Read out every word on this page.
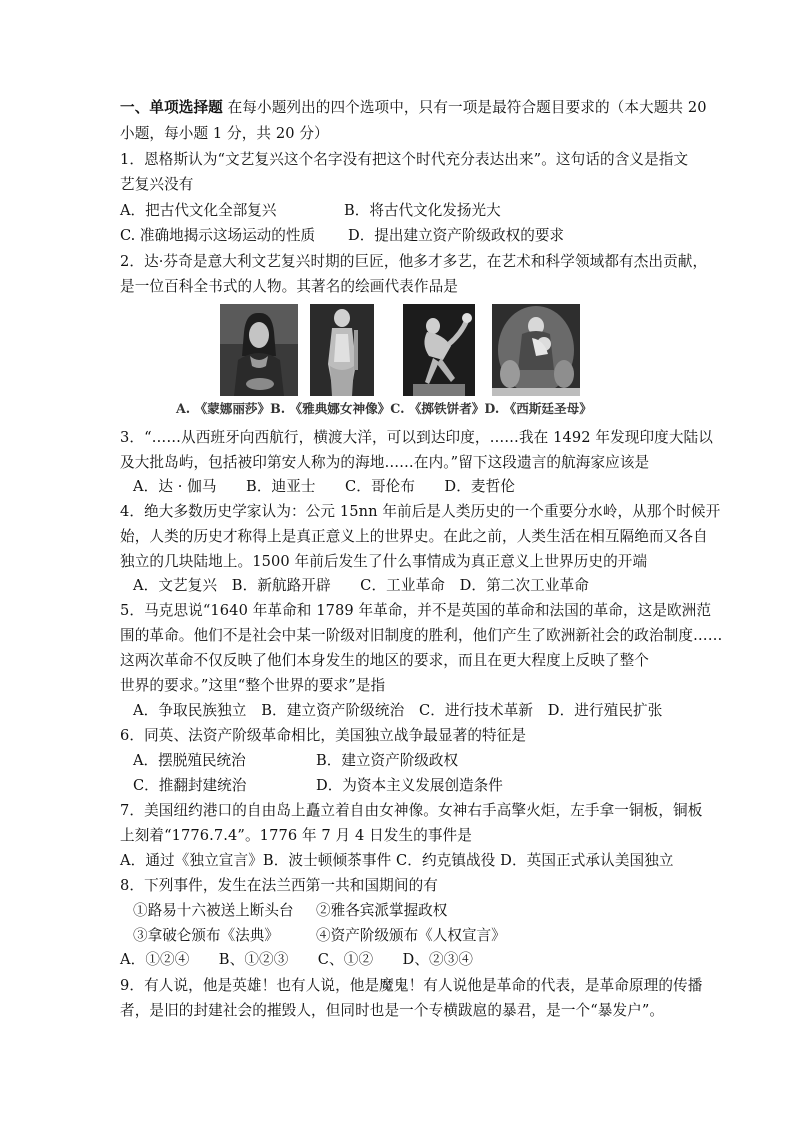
一、单项选择题 在每小题列出的四个选项中，只有一项是最符合题目要求的（本大题共 20
小题，每小题 1 分，共 20 分）
1．恩格斯认为“文艺复兴这个名字没有把这个时代充分表达出来”。这句话的含义是指文
艺复兴没有
A．把古代文化全部复兴	B．将古代文化发扬光大
C. 准确地揭示这场运动的性质 D．提出建立资产阶级政权的要求
2．达·芬奇是意大利文艺复兴时期的巨匠，他多才多艺，在艺术和科学领域都有杰出贡献，
是一位百科全书式的人物。其著名的绘画代表作品是
A. 《蒙娜丽莎》B. 《雅典娜女神像》C. 《掷铁饼者》D. 《西斯廷圣母》
3．“……从西班牙向西航行，横渡大洋，可以到达印度，……我在 1492 年发现印度大陆以
及大批岛屿，包括被印第安人称为的海地……在内。”留下这段遗言的航海家应该是
A．达 · 伽马　　B．迪亚士　　C．哥伦布　　D．麦哲伦
4．绝大多数历史学家认为：公元 15nn 年前后是人类历史的一个重要分水岭，从那个时候开
始，人类的历史才称得上是真正意义上的世界史。在此之前，人类生活在相互隔绝而又各自
独立的几块陆地上。1500 年前后发生了什么事情成为真正意义上世界历史的开端
A．文艺复兴　B．新航路开辟　　C．工业革命　D．第二次工业革命
5．马克思说“1640 年革命和 1789 年革命，并不是英国的革命和法国的革命，这是欧洲范
围的革命。他们不是社会中某一阶级对旧制度的胜利，他们产生了欧洲新社会的政治制度……
这两次革命不仅反映了他们本身发生的地区的要求，而且在更大程度上反映了整个
世界的要求。”这里“整个世界的要求”是指
A．争取民族独立　B．建立资产阶级统治　C．进行技术革新　D．进行殖民扩张
6．同英、法资产阶级革命相比，美国独立战争最显著的特征是
A．摆脱殖民统治	B．建立资产阶级政权
C．推翻封建统治	D．为资本主义发展创造条件
7．美国纽约港口的自由岛上矗立着自由女神像。女神右手高擎火炬，左手拿一铜板，铜板
上刻着“1776.7.4”。1776 年 7 月 4 日发生的事件是
A．通过《独立宣言》B．波士顿倾茶事件 C．约克镇战役 D．英国正式承认美国独立
8．下列事件，发生在法兰西第一共和国期间的有
①路易十六被送上断头台 ②雅各宾派掌握政权
③拿破仑颁布《法典》	④资产阶级颁布《人权宣言》
A．①②④　　B、①②③　　C、①②　　D、②③④
9．有人说，他是英雄！也有人说，他是魔鬼！有人说他是革命的代表，是革命原理的传播
者，是旧的封建社会的摧毁人，但同时也是一个专横跋扈的暴君，是一个“暴发户”。
